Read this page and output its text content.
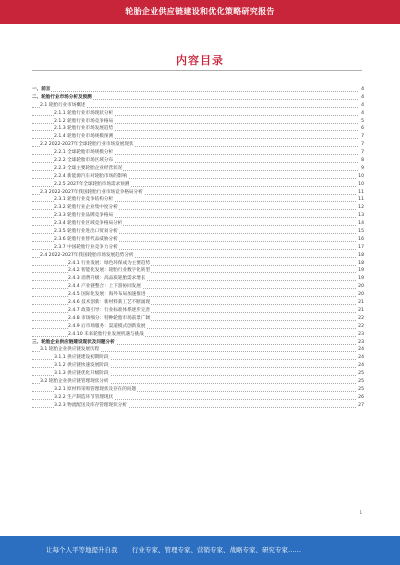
轮胎企业供应链建设和优化策略研究报告
内容目录
一、前言	4
二、轮胎行业市场分析及预测	4
2.1 轮胎行业市场概述	4
2.1.1 轮胎行业市场现状分析	4
2.1.2 轮胎行业市场竞争格局	5
2.1.3 轮胎行业市场发展趋势	6
2.1.4 轮胎行业市场规模预测	7
2.2 2022-2027年全球轮胎行业市场发展现状	7
2.2.1 全球轮胎市场规模分析	7
2.2.2 全球轮胎市场区域分布	8
2.2.3 全球主要轮胎企业经营状况	9
2.2.4 新能源汽车对轮胎市场的影响	10
2.2.5 2027年全球轮胎市场需求预测	10
2.3 2022-2027年我国轮胎行业市场竞争格局分析	11
2.3.1 轮胎行业竞争结构分析	11
2.3.2 轮胎行业企业集中度分析	12
2.3.3 轮胎行业品牌竞争格局	13
2.3.4 轮胎行业区域竞争格局分析	14
2.3.5 轮胎行业进出口贸易分析	15
2.3.6 轮胎行业替代品威胁分析	16
2.3.7 中国轮胎行业竞争力分析	17
2.4 2022-2027年我国轮胎市场发展趋势分析	18
2.4.1 行业发展：绿色环保成为主要趋势	18
2.4.2 智能化发展：轮胎行业数字化转型	19
2.4.3 消费升级：高品质轮胎需求增长	19
2.4.4 产业链整合：上下游协同发展	20
2.4.5 国际化发展：海外布局加速推进	20
2.4.6 技术创新：新材料新工艺不断涌现	21
2.4.7 政策引导：行业标准体系逐步完善	21
2.4.8 市场细分：特种轮胎市场前景广阔	22
2.4.9 后市场服务：渠道模式创新发展	22
2.4.10 未来轮胎行业发展机遇与挑战	23
三、轮胎企业供应链建设现状及问题分析	23
3.1 轮胎企业供应链发展历程	24
3.1.1 供应链建设初期阶段	24
3.1.2 供应链快速发展阶段	24
3.1.3 供应链优化升级阶段	25
3.2 轮胎企业供应链管理现状分析	25
3.2.1 原材料采购管理现状及存在的问题	25
3.2.2 生产制造环节管理现状	26
3.2.3 物流配送及库存管理现状分析	27
1
让每个人平等地提升自我 行业专家、管理专家、营销专家、战略专家、研究专家……
